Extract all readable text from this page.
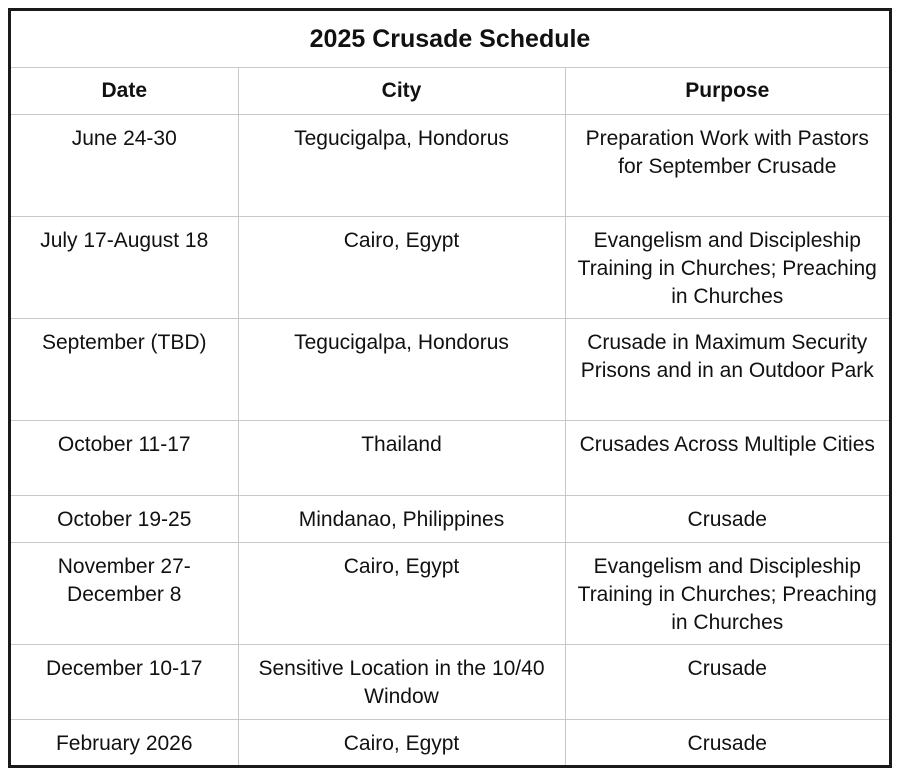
2025 Crusade Schedule		
Date	City	Purpose
June 24-30	Tegucigalpa, Hondorus	Preparation Work with Pastors for September Crusade
July 17-August 18	Cairo, Egypt	Evangelism and Discipleship Training in Churches; Preaching in Churches
September (TBD)	Tegucigalpa, Hondorus	Crusade in Maximum Security Prisons and in an Outdoor Park
October 11-17	Thailand	Crusades Across Multiple Cities
October 19-25	Mindanao, Philippines	Crusade
November 27-December 8	Cairo, Egypt	Evangelism and Discipleship Training in Churches; Preaching in Churches
December 10-17	Sensitive Location in the 10/40 Window	Crusade
February 2026	Cairo, Egypt	Crusade
